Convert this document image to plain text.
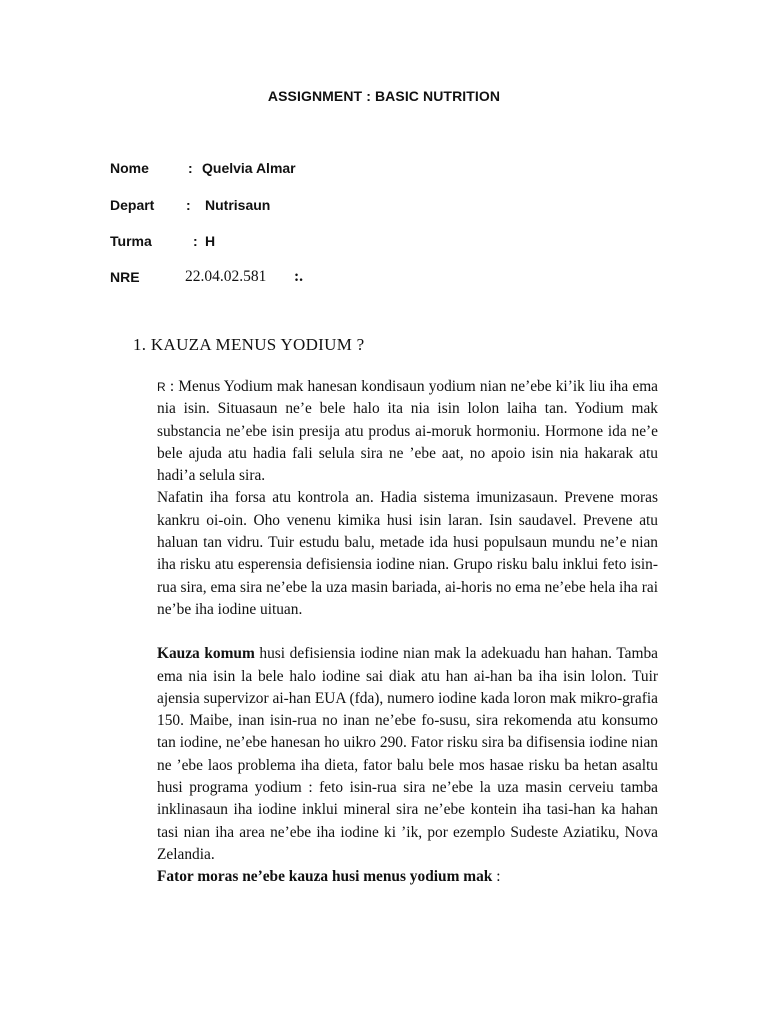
ASSIGNMENT : BASIC NUTRITION
Nome	: Quelvia Almar
Depart : Nutrisaun
Turma	: H
NRE	22.04.02.581 :.
1. KAUZA MENUS YODIUM ?

R : Menus Yodium mak hanesan kondisaun yodium nian neʼebe kiʼik liu iha ema nia isin. Situasaun neʼe bele halo ita nia isin lolon laiha tan. Yodium mak substancia neʼebe isin presija atu produs ai-moruk hormoniu. Hormone ida neʼe bele ajuda atu hadia fali selula sira ne ʼebe aat, no apoio isin nia hakarak atu hadiʼa selula sira.

Nafatin iha forsa atu kontrola an. Hadia sistema imunizasaun. Prevene moras kankru oi-oin. Oho venenu kimika husi isin laran. Isin saudavel. Prevene atu haluan tan vidru. Tuir estudu balu, metade ida husi populsaun mundu neʼe nian iha risku atu esperensia defisiensia iodine nian. Grupo risku balu inklui feto isin-rua sira, ema sira neʼebe la uza masin bariada, ai-horis no ema neʼebe hela iha rai neʼbe iha iodine uituan.

Kauza komum husi defisiensia iodine nian mak la adekuadu han hahan. Tamba ema nia isin la bele halo iodine sai diak atu han ai-han ba iha isin lolon. Tuir ajensia supervizor ai-han EUA (fda), numero iodine kada loron mak mikro-grafia 150. Maibe, inan isin-rua no inan neʼebe fo-susu, sira rekomenda atu konsumo tan iodine, neʼebe hanesan ho uikro 290. Fator risku sira ba difisensia iodine nian ne ʼebe laos problema iha dieta, fator balu bele mos hasae risku ba hetan asaltu husi programa yodium : feto isin-rua sira neʼebe la uza masin cerveiu tamba inklinasaun iha iodine inklui mineral sira neʼebe kontein iha tasi-han ka hahan tasi nian iha area neʼebe iha iodine ki ʼik, por ezemplo Sudeste Aziatiku, Nova Zelandia.

Fator moras neʼebe kauza husi menus yodium mak :
